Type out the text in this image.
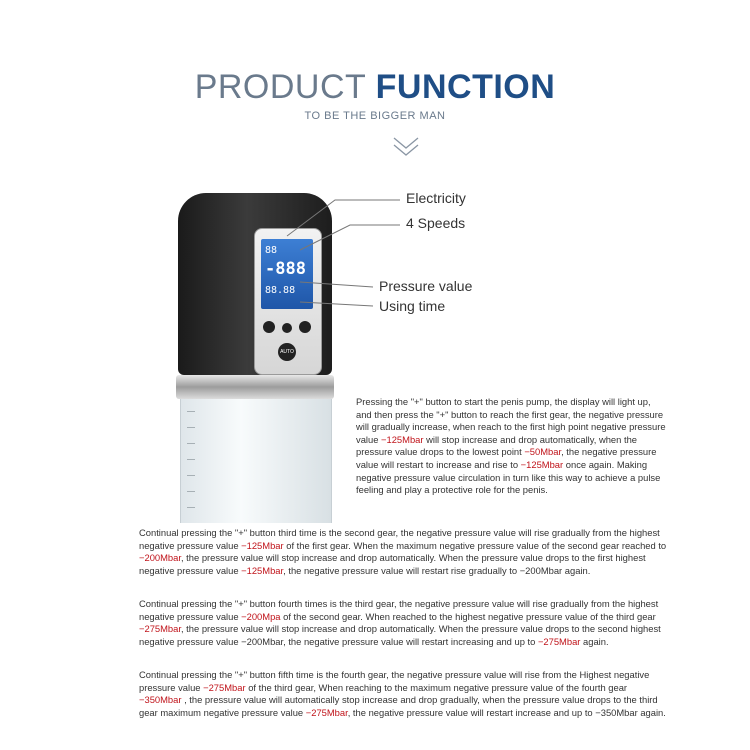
PRODUCT FUNCTION
TO BE THE BIGGER MAN
88
-888
88.88
AUTO
Electricity
4 Speeds
Pressure value
Using time
Pressing the "+" button to start the penis pump, the display will light up, and then press the "+" button to reach the first gear, the negative pressure will gradually increase, when reach to the first high point negative pressure value −125Mbar will stop increase and drop automatically, when the pressure value drops to the lowest point −50Mbar, the negative pressure value will restart to increase and rise to −125Mbar once again. Making negative pressure value circulation in turn like this way to achieve a pulse feeling and play a protective role for the penis.
Continual pressing the "+" button third time is the second gear, the negative pressure value will rise gradually from the highest negative pressure value −125Mbar of the first gear. When the maximum negative pressure value of the second gear reached to −200Mbar, the pressure value will stop increase and drop automatically. When the pressure value drops to the first highest negative pressure value −125Mbar, the negative pressure value will restart rise gradually to −200Mbar again.
Continual pressing the "+" button fourth times is the third gear, the negative pressure value will rise gradually from the highest negative pressure value −200Mpa of the second gear. When reached to the highest negative pressure value of the third gear −275Mbar, the pressure value will stop increase and drop automatically. When the pressure value drops to the second highest negative pressure value −200Mbar, the negative pressure value will restart increasing and up to −275Mbar again.
Continual pressing the "+" button fifth time is the fourth gear, the negative pressure value will rise from the Highest negative pressure value −275Mbar of the third gear, When reaching to the maximum negative pressure value of the fourth gear −350Mbar , the pressure value will automatically stop increase and drop gradually, when the pressure value drops to the third gear maximum negative pressure value −275Mbar, the negative pressure value will restart increase and up to −350Mbar again.
